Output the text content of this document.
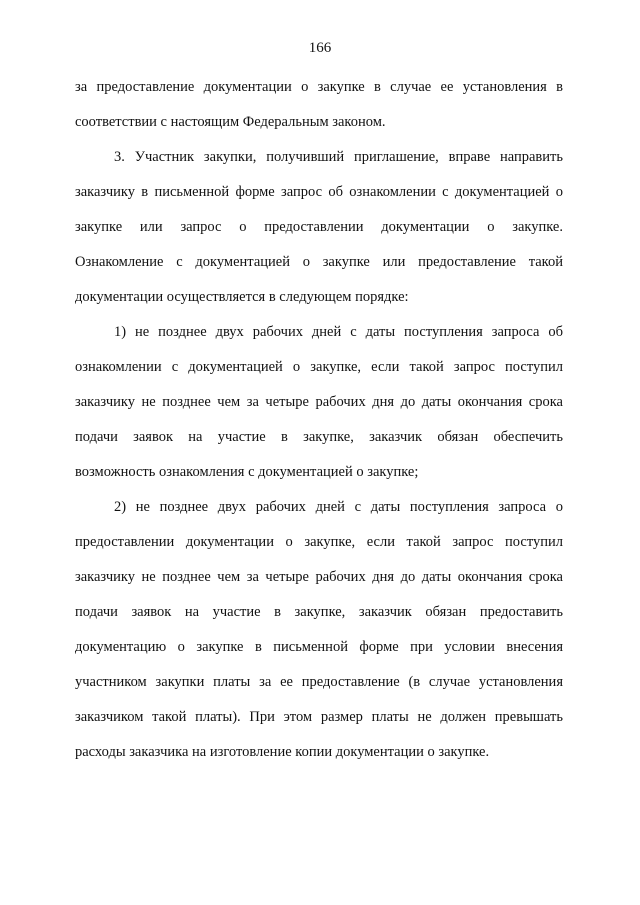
166
за предоставление документации о закупке в случае ее установления в
соответствии с настоящим Федеральным законом.
3. Участник закупки, получивший приглашение, вправе направить
заказчику в письменной форме запрос об ознакомлении с документацией о
закупке или запрос о предоставлении документации о закупке.
Ознакомление с документацией о закупке или предоставление такой
документации осуществляется в следующем порядке:
1) не позднее двух рабочих дней с даты поступления запроса об
ознакомлении с документацией о закупке, если такой запрос поступил
заказчику не позднее чем за четыре рабочих дня до даты окончания срока
подачи заявок на участие в закупке, заказчик обязан обеспечить
возможность ознакомления с документацией о закупке;
2) не позднее двух рабочих дней с даты поступления запроса о
предоставлении документации о закупке, если такой запрос поступил
заказчику не позднее чем за четыре рабочих дня до даты окончания срока
подачи заявок на участие в закупке, заказчик обязан предоставить
документацию о закупке в письменной форме при условии внесения
участником закупки платы за ее предоставление (в случае установления
заказчиком такой платы). При этом размер платы не должен превышать
расходы заказчика на изготовление копии документации о закупке.
